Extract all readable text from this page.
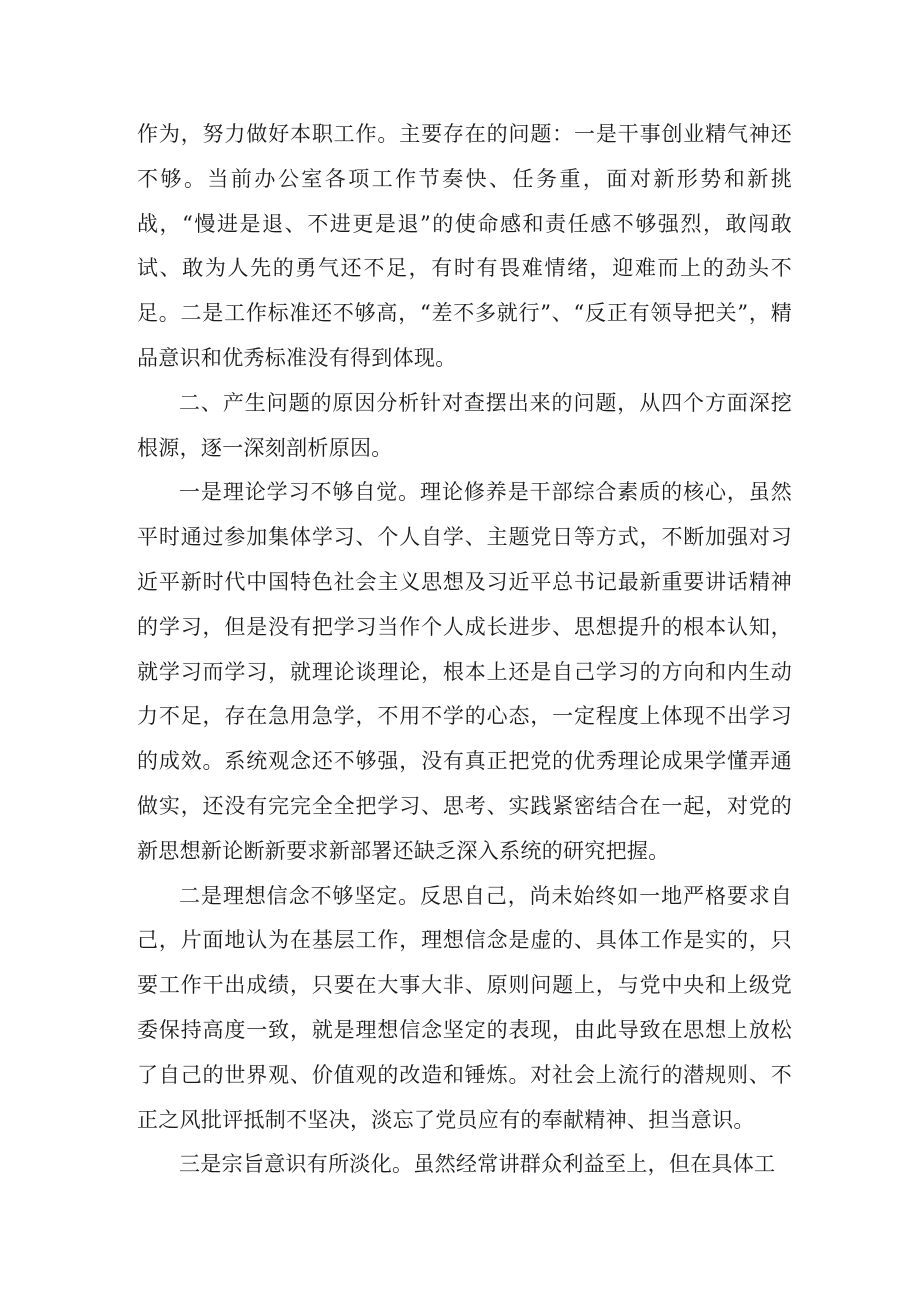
作为，努力做好本职工作。主要存在的问题：一是干事创业精气神还不够。当前办公室各项工作节奏快、任务重，面对新形势和新挑战，“慢进是退、不进更是退”的使命感和责任感不够强烈，敢闯敢试、敢为人先的勇气还不足，有时有畏难情绪，迎难而上的劲头不足。二是工作标准还不够高，“差不多就行”、“反正有领导把关”，精品意识和优秀标准没有得到体现。

二、产生问题的原因分析针对查摆出来的问题，从四个方面深挖根源，逐一深刻剖析原因。

一是理论学习不够自觉。理论修养是干部综合素质的核心，虽然平时通过参加集体学习、个人自学、主题党日等方式，不断加强对习近平新时代中国特色社会主义思想及习近平总书记最新重要讲话精神的学习，但是没有把学习当作个人成长进步、思想提升的根本认知，就学习而学习，就理论谈理论，根本上还是自己学习的方向和内生动力不足，存在急用急学，不用不学的心态，一定程度上体现不出学习的成效。系统观念还不够强，没有真正把党的优秀理论成果学懂弄通做实，还没有完完全全把学习、思考、实践紧密结合在一起，对党的新思想新论断新要求新部署还缺乏深入系统的研究把握。

二是理想信念不够坚定。反思自己，尚未始终如一地严格要求自己，片面地认为在基层工作，理想信念是虚的、具体工作是实的，只要工作干出成绩，只要在大事大非、原则问题上，与党中央和上级党委保持高度一致，就是理想信念坚定的表现，由此导致在思想上放松了自己的世界观、价值观的改造和锤炼。对社会上流行的潜规则、不正之风批评抵制不坚决，淡忘了党员应有的奉献精神、担当意识。

三是宗旨意识有所淡化。虽然经常讲群众利益至上，但在具体工
